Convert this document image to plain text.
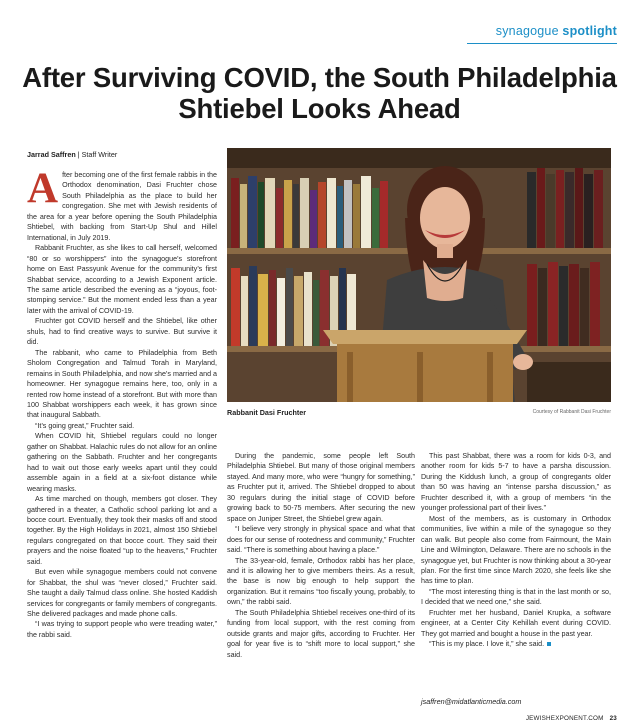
synagogue spotlight
After Surviving COVID, the South Philadelphia Shtiebel Looks Ahead
Jarrad Saffren | Staff Writer

After becoming one of the first female rabbis in the Orthodox denomination, Dasi Fruchter chose South Philadelphia as the place to build her congregation. She met with Jewish residents of the area for a year before opening the South Philadelphia Shtiebel, with backing from Start-Up Shul and Hillel International, in July 2019.

Rabbanit Fruchter, as she likes to call herself, welcomed “80 or so worshippers” into the synagogue’s storefront home on East Passyunk Avenue for the community’s first Shabbat service, according to a Jewish Exponent article. The same article described the evening as a “joyous, foot-stomping service.” But the moment ended less than a year later with the arrival of COVID-19.

Fruchter got COVID herself and the Shtiebel, like other shuls, had to find creative ways to survive. But survive it did.

The rabbanit, who came to Philadelphia from Beth Sholom Congregation and Talmud Torah in Maryland, remains in South Philadelphia, and now she’s married and a homeowner. Her synagogue remains here, too, only in a rented row home instead of a storefront. But with more than 100 Shabbat worshippers each week, it has grown since that inaugural Sabbath.

“It’s going great,” Fruchter said.

When COVID hit, Shtiebel regulars could no longer gather on Shabbat. Halachic rules do not allow for an online gathering on the Sabbath. Fruchter and her congregants had to wait out those early weeks apart until they could assemble again in a field at a six-foot distance while wearing masks.

As time marched on though, members got closer. They gathered in a theater, a Catholic school parking lot and a bocce court. Eventually, they took their masks off and stood together. By the High Holidays in 2021, almost 150 Shtiebel regulars congregated on that bocce court. They said their prayers and the noise floated “up to the heavens,” Fruchter said.

But even while synagogue members could not convene for Shabbat, the shul was “never closed,” Fruchter said. She taught a daily Talmud class online. She hosted Kaddish services for congregants or family members of congregants. She delivered packages and made phone calls.

“I was trying to support people who were treading water,” the rabbi said.

Rabbanit Dasi Fruchter	Courtesy of Rabbanit Dasi Fruchter

During the pandemic, some people left South Philadelphia Shtiebel. But many of those original members stayed. And many more, who were “hungry for something,” as Fruchter put it, arrived. The Shtiebel dropped to about 30 regulars during the initial stage of COVID before growing back to 50-75 members. After securing the new space on Juniper Street, the Shtiebel grew again.

“I believe very strongly in physical space and what that does for our sense of rootedness and community,” Fruchter said. “There is something about having a place.”

The 33-year-old, female, Orthodox rabbi has her place, and it is allowing her to give members theirs. As a result, the base is now big enough to help support the organization. But it remains “too fiscally young, probably, to own,” the rabbi said.

The South Philadelphia Shtiebel receives one-third of its funding from local support, with the rest coming from outside grants and major gifts, according to Fruchter. Her goal for year five is to “shift more to local support,” she said.

This past Shabbat, there was a room for kids 0-3, and another room for kids 5-7 to have a parsha discussion. During the Kiddush lunch, a group of congregants older than 50 was having an “intense parsha discussion,” as Fruchter described it, with a group of members “in the younger professional part of their lives.”

Most of the members, as is customary in Orthodox communities, live within a mile of the synagogue so they can walk. But people also come from Fairmount, the Main Line and Wilmington, Delaware. There are no schools in the synagogue yet, but Fruchter is now thinking about a 30-year plan. For the first time since March 2020, she feels like she has time to plan.

“The most interesting thing is that in the last month or so, I decided that we need one,” she said.

Fruchter met her husband, Daniel Krupka, a software engineer, at a Center City Kehillah event during COVID. They got married and bought a house in the past year.

“This is my place. I love it,” she said.

jsaffren@midatlanticmedia.com
JEWISHEXPONENT.COM 23
